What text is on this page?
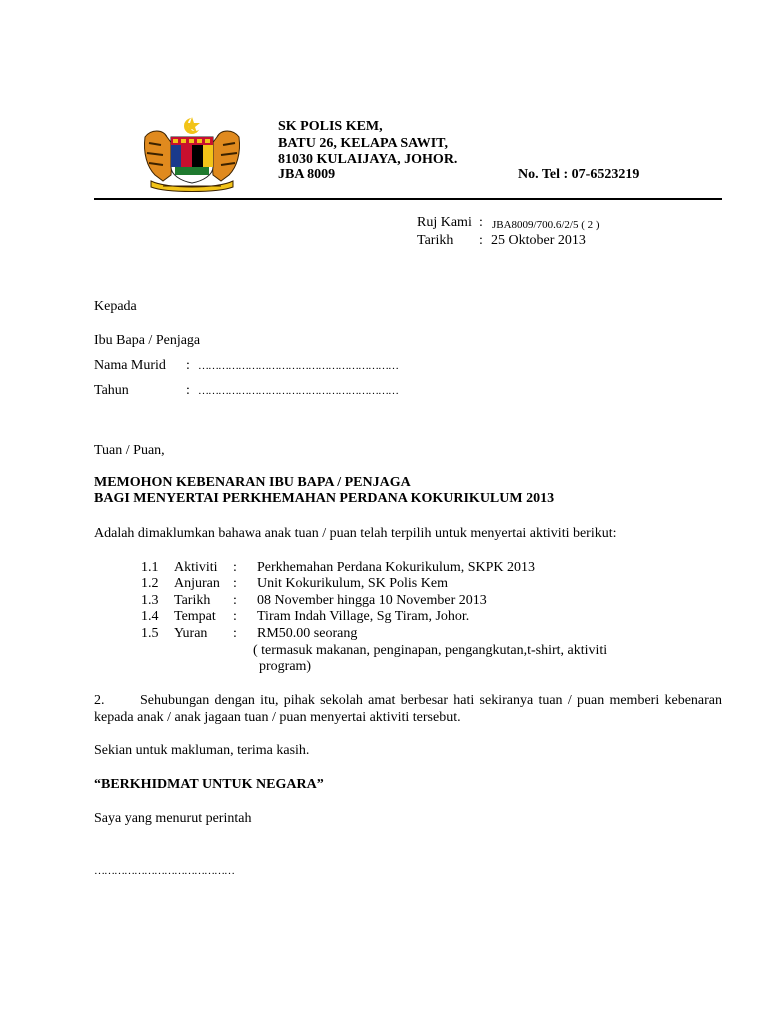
SK POLIS KEM,
BATU 26, KELAPA SAWIT,
81030 KULAIJAYA, JOHOR.
JBA 8009	No. Tel : 07-6523219
Ruj Kami : JBA8009/700.6/2/5 ( 2 )
Tarikh : 25 Oktober 2013
Kepada
Ibu Bapa / Penjaga
Nama Murid : ……………………………………………………
Tahun	: ……………………………………………………
Tuan / Puan,
MEMOHON KEBENARAN IBU BAPA / PENJAGA
BAGI MENYERTAI PERKHEMAHAN PERDANA KOKURIKULUM 2013
Adalah dimaklumkan bahawa anak tuan / puan telah terpilih untuk menyertai aktiviti berikut:
1.1 Aktiviti : Perkhemahan Perdana Kokurikulum, SKPK 2013
1.2 Anjuran : Unit Kokurikulum, SK Polis Kem
1.3 Tarikh : 08 November hingga 10 November 2013
1.4 Tempat : Tiram Indah Village, Sg Tiram, Johor.
1.5 Yuran : RM50.00 seorang
( termasuk makanan, penginapan, pengangkutan,t-shirt, aktiviti
program)
2.	Sehubungan dengan itu, pihak sekolah amat berbesar hati sekiranya tuan / puan memberi kebenaran kepada anak / anak jagaan tuan / puan menyertai aktiviti tersebut.
Sekian untuk makluman, terima kasih.
“BERKHIDMAT UNTUK NEGARA”
Saya yang menurut perintah
……………………………………
